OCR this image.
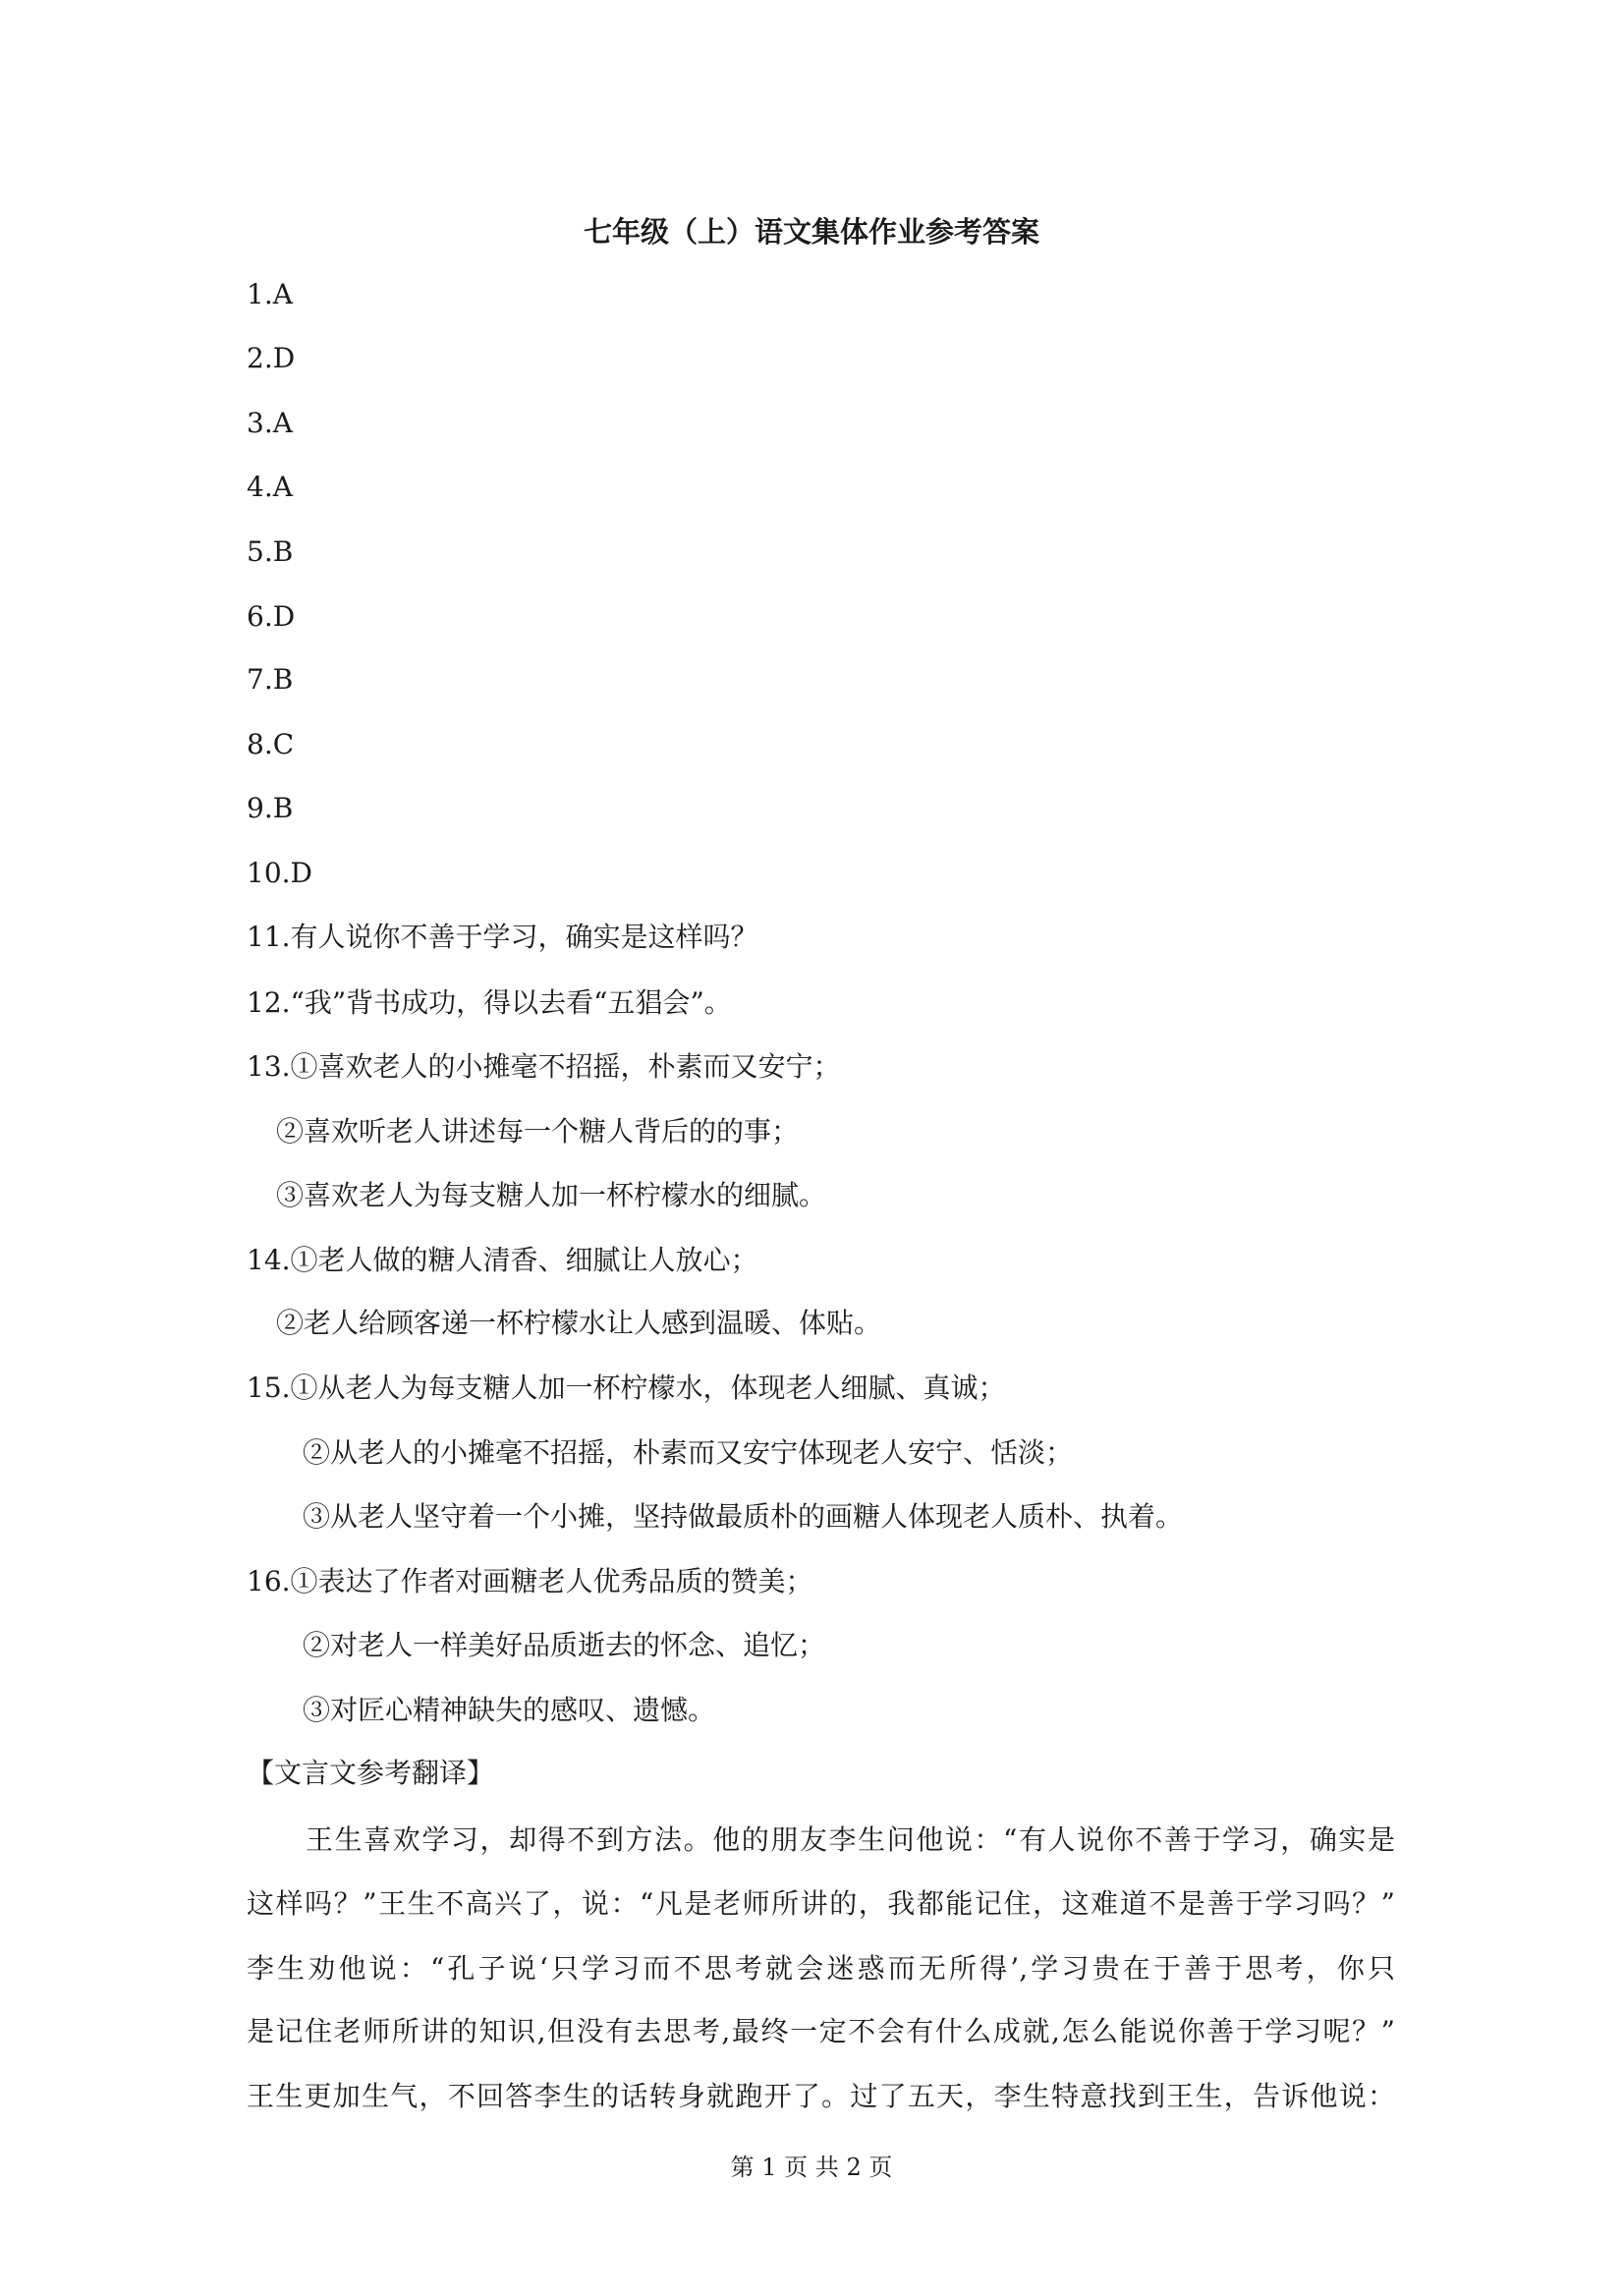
七年级（上）语文集体作业参考答案
1.A
2.D
3.A
4.A
5.B
6.D
7.B
8.C
9.B
10.D
11.有人说你不善于学习，确实是这样吗？
12.“我”背书成功，得以去看“五猖会”。
13.①喜欢老人的小摊毫不招摇，朴素而又安宁；
②喜欢听老人讲述每一个糖人背后的的事；
③喜欢老人为每支糖人加一杯柠檬水的细腻。
14.①老人做的糖人清香、细腻让人放心；
②老人给顾客递一杯柠檬水让人感到温暖、体贴。
15.①从老人为每支糖人加一杯柠檬水，体现老人细腻、真诚；
②从老人的小摊毫不招摇，朴素而又安宁体现老人安宁、恬淡；
③从老人坚守着一个小摊，坚持做最质朴的画糖人体现老人质朴、执着。
16.①表达了作者对画糖老人优秀品质的赞美；
②对老人一样美好品质逝去的怀念、追忆；
③对匠心精神缺失的感叹、遗憾。
【文言文参考翻译】
王生喜欢学习，却得不到方法。他的朋友李生问他说：“有人说你不善于学习，确实是
这样吗？”王生不高兴了，说：“凡是老师所讲的，我都能记住，这难道不是善于学习吗？”
李生劝他说：“孔子说‘只学习而不思考就会迷惑而无所得’,学习贵在于善于思考，你只
是记住老师所讲的知识,但没有去思考,最终一定不会有什么成就,怎么能说你善于学习呢？”
王生更加生气，不回答李生的话转身就跑开了。过了五天，李生特意找到王生，告诉他说：
第 1 页 共 2 页
